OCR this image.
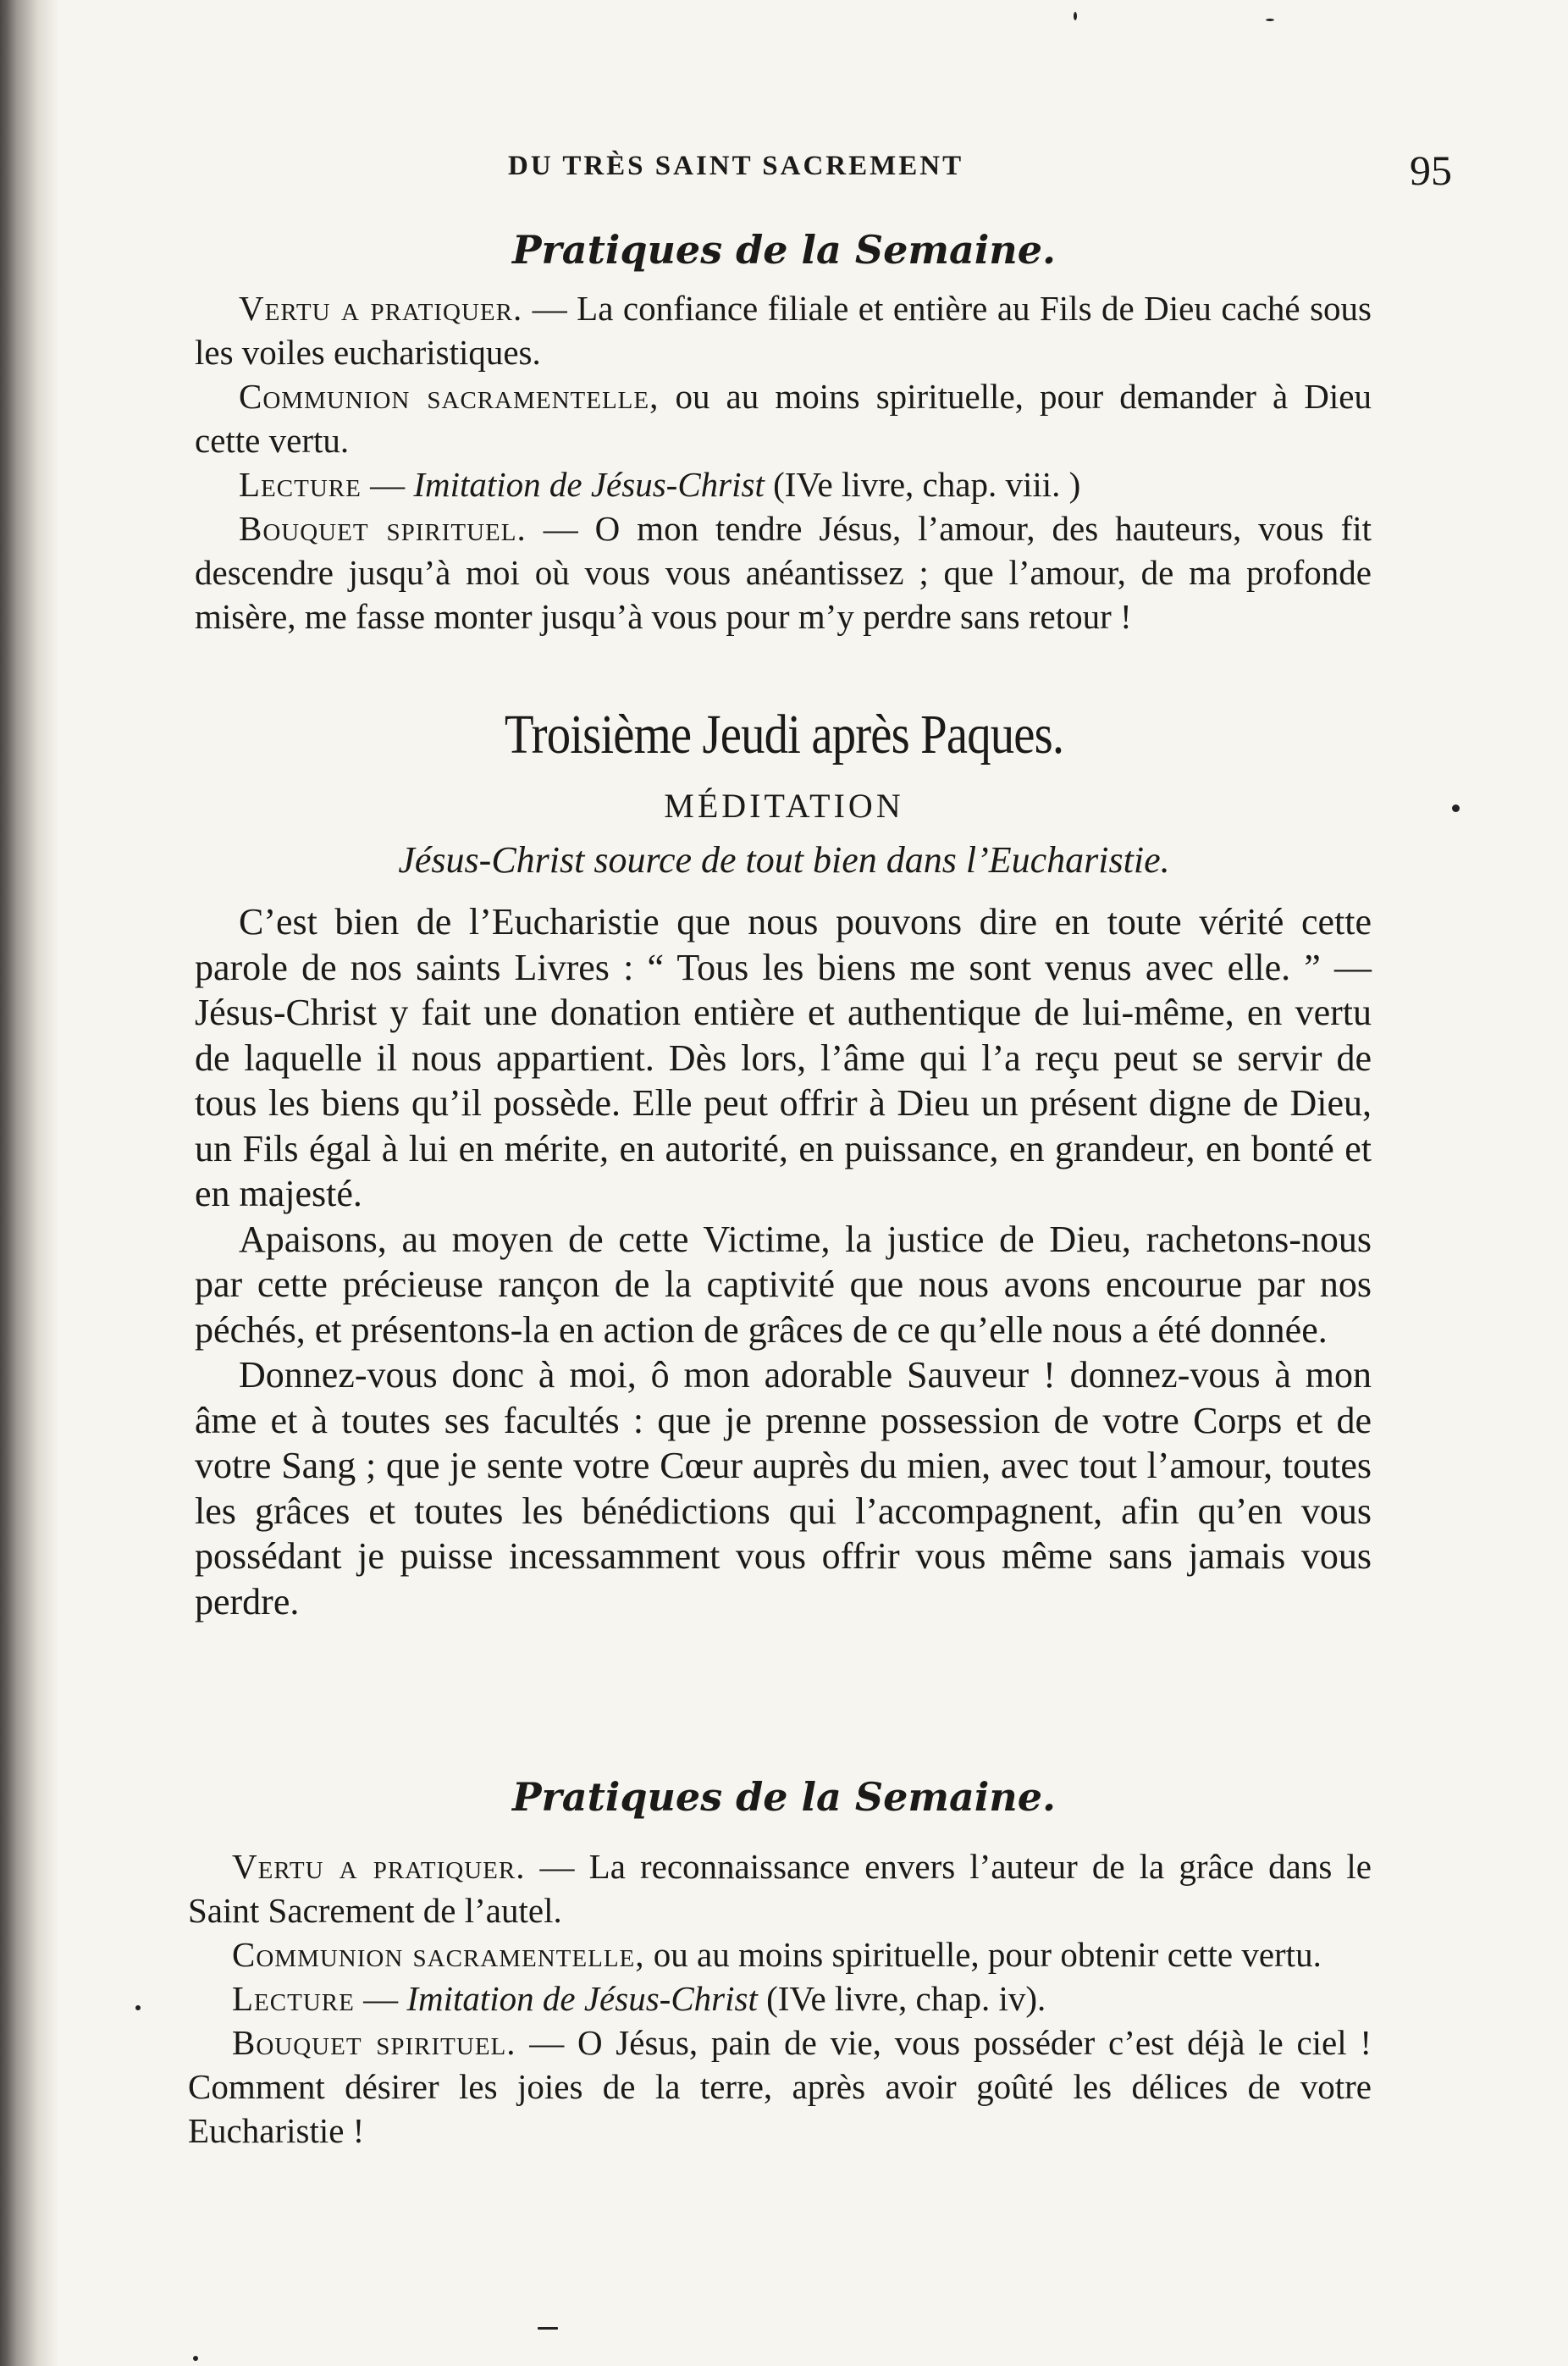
DU TRÈS SAINT SACREMENT	95
Pratiques de la Semaine.

Vertu a pratiquer. — La confiance filiale et entière au Fils de Dieu caché sous les voiles eucharistiques.

Communion sacramentelle, ou au moins spirituelle, pour demander à Dieu cette vertu.

Lecture — Imitation de Jésus-Christ (IVe livre, chap. viii. )

Bouquet spirituel. — O mon tendre Jésus, l’amour, des hauteurs, vous fit descendre jusqu’à moi où vous vous anéantissez ; que l’amour, de ma profonde misère, me fasse monter jusqu’à vous pour m’y perdre sans retour !

Troisième Jeudi après Paques.
MÉDITATION
Jésus-Christ source de tout bien dans l’Eucharistie.

C’est bien de l’Eucharistie que nous pouvons dire en toute vérité cette parole de nos saints Livres : “ Tous les biens me sont venus avec elle. ” — Jésus-Christ y fait une donation entière et authentique de lui-même, en vertu de laquelle il nous appartient. Dès lors, l’âme qui l’a reçu peut se servir de tous les biens qu’il possède. Elle peut offrir à Dieu un présent digne de Dieu, un Fils égal à lui en mérite, en autorité, en puissance, en grandeur, en bonté et en majesté.

Apaisons, au moyen de cette Victime, la justice de Dieu, rachetons-nous par cette précieuse rançon de la captivité que nous avons encourue par nos péchés, et présentons-la en action de grâces de ce qu’elle nous a été donnée.

Donnez-vous donc à moi, ô mon adorable Sauveur ! donnez-vous à mon âme et à toutes ses facultés : que je prenne possession de votre Corps et de votre Sang ; que je sente votre Cœur auprès du mien, avec tout l’amour, toutes les grâces et toutes les bénédictions qui l’accompagnent, afin qu’en vous possédant je puisse incessamment vous offrir vous même sans jamais vous perdre.

Pratiques de la Semaine.

Vertu a pratiquer. — La reconnaissance envers l’auteur de la grâce dans le Saint Sacrement de l’autel.

Communion sacramentelle, ou au moins spirituelle, pour obtenir cette vertu.

Lecture — Imitation de Jésus-Christ (IVe livre, chap. iv).

Bouquet spirituel. — O Jésus, pain de vie, vous posséder c’est déjà le ciel ! Comment désirer les joies de la terre, après avoir goûté les délices de votre Eucharistie !
